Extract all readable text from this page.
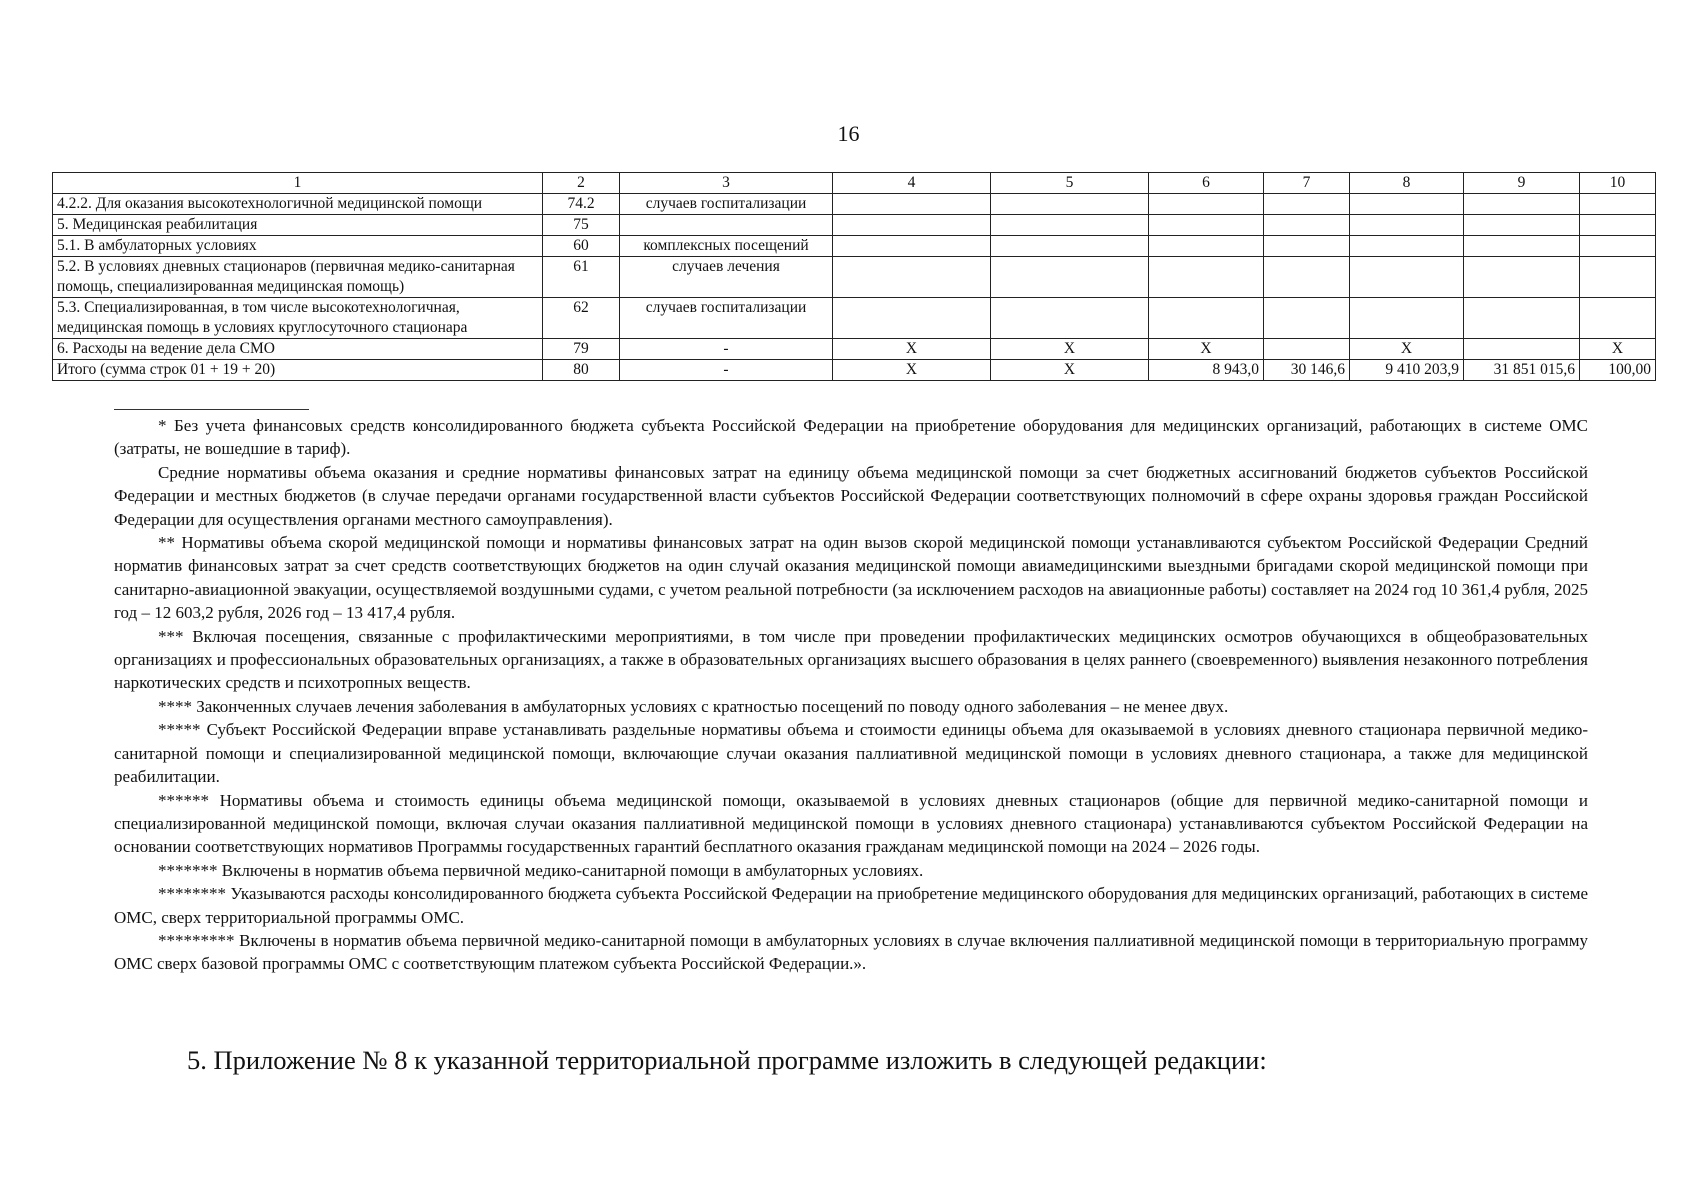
16
1	2	3	4	5	6	7	8	9	10
4.2.2. Для оказания высокотехнологичной медицинской помощи	74.2	случаев госпитализации							
5. Медицинская реабилитация	75								
5.1. В амбулаторных условиях	60	комплексных посещений							
5.2. В условиях дневных стационаров (первичная медико-санитарная помощь, специализированная медицинская помощь)	61	случаев лечения							
5.3. Специализированная, в том числе высокотехнологичная, медицинская помощь в условиях круглосуточного стационара	62	случаев госпитализации							
6. Расходы на ведение дела СМО	79	-	X	X	X		X		X
Итого (сумма строк 01 + 19 + 20)	80	-	X	X	8 943,0	30 146,6	9 410 203,9	31 851 015,6	100,00

* Без учета финансовых средств консолидированного бюджета субъекта Российской Федерации на приобретение оборудования для медицинских организаций, работающих в системе ОМС (затраты, не вошедшие в тариф).

Средние нормативы объема оказания и средние нормативы финансовых затрат на единицу объема медицинской помощи за счет бюджетных ассигнований бюджетов субъектов Российской Федерации и местных бюджетов (в случае передачи органами государственной власти субъектов Российской Федерации соответствующих полномочий в сфере охраны здоровья граждан Российской Федерации для осуществления органами местного самоуправления).

** Нормативы объема скорой медицинской помощи и нормативы финансовых затрат на один вызов скорой медицинской помощи устанавливаются субъектом Российской Федерации Средний норматив финансовых затрат за счет средств соответствующих бюджетов на один случай оказания медицинской помощи авиамедицинскими выездными бригадами скорой медицинской помощи при санитарно-авиационной эвакуации, осуществляемой воздушными судами, с учетом реальной потребности (за исключением расходов на авиационные работы) составляет на 2024 год 10 361,4 рубля, 2025 год – 12 603,2 рубля, 2026 год – 13 417,4 рубля.

*** Включая посещения, связанные с профилактическими мероприятиями, в том числе при проведении профилактических медицинских осмотров обучающихся в общеобразовательных организациях и профессиональных образовательных организациях, а также в образовательных организациях высшего образования в целях раннего (своевременного) выявления незаконного потребления наркотических средств и психотропных веществ.

**** Законченных случаев лечения заболевания в амбулаторных условиях с кратностью посещений по поводу одного заболевания – не менее двух.

***** Субъект Российской Федерации вправе устанавливать раздельные нормативы объема и стоимости единицы объема для оказываемой в условиях дневного стационара первичной медико-санитарной помощи и специализированной медицинской помощи, включающие случаи оказания паллиативной медицинской помощи в условиях дневного стационара, а также для медицинской реабилитации.

****** Нормативы объема и стоимость единицы объема медицинской помощи, оказываемой в условиях дневных стационаров (общие для первичной медико-санитарной помощи и специализированной медицинской помощи, включая случаи оказания паллиативной медицинской помощи в условиях дневного стационара) устанавливаются субъектом Российской Федерации на основании соответствующих нормативов Программы государственных гарантий бесплатного оказания гражданам медицинской помощи на 2024 – 2026 годы.

******* Включены в норматив объема первичной медико-санитарной помощи в амбулаторных условиях.

******** Указываются расходы консолидированного бюджета субъекта Российской Федерации на приобретение медицинского оборудования для медицинских организаций, работающих в системе ОМС, сверх территориальной программы ОМС.

********* Включены в норматив объема первичной медико-санитарной помощи в амбулаторных условиях в случае включения паллиативной медицинской помощи в территориальную программу ОМС сверх базовой программы ОМС с соответствующим платежом субъекта Российской Федерации.».

5. Приложение № 8 к указанной территориальной программе изложить в следующей редакции:
